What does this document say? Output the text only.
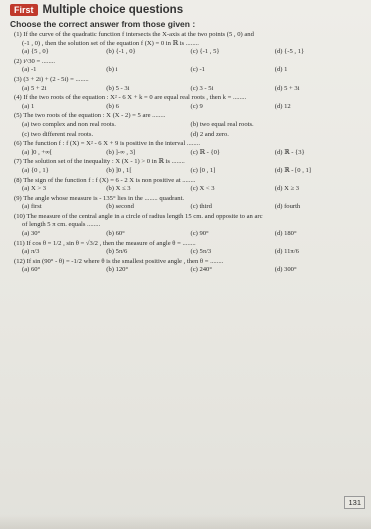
First Multiple choice questions
Choose the correct answer from those given :
(1) If the curve of the quadratic function f intersects the X-axis at the two points (5 , 0) and
(-1 , 0) , then the solution set of the equation f (X) = 0 in ℝ is ........
(a) {5 , 0}	(b) {-1 , 0}	(c) {-1 , 5}	(d) {-5 , 1}
(2) i^30 = ........
(a) -1	(b) i	(c) -1	(d) 1
(3) (3 + 2i) + (2 - 5i) = ........
(a) 5 + 2i	(b) 5 - 3i	(c) 3 - 5i	(d) 5 + 3i
(4) If the two roots of the equation : X² - 6 X + k = 0 are equal real roots , then k = ........
(a) 1	(b) 6	(c) 9	(d) 12
(5) The two roots of the equation : X (X - 2) = 5 are ........
(a) two complex and non real roots.	(b) two equal real roots.
(c) two different real roots.	(d) 2 and zero.
(6) The function f : f (X) = X² - 6 X + 9 is positive in the interval ........
(a) ]0 , +∞[	(b) ]-∞ , 3]	(c) ℝ - {0}	(d) ℝ - {3}
(7) The solution set of the inequality : X (X - 1) > 0 in ℝ is ........
(a) {0 , 1}	(b) ]0 , 1[	(c) [0 , 1]	(d) ℝ - [0 , 1]
(8) The sign of the function f : f (X) = 6 - 2 X is non positive at ........
(a) X > 3	(b) X ≤ 3	(c) X < 3	(d) X ≥ 3
(9) The angle whose measure is - 135° lies in the ........ quadrant.
(a) first	(b) second	(c) third	(d) fourth
(10) The measure of the central angle in a circle of radius length 15 cm. and opposite to an arc
of length 5 π cm. equals ........
(a) 30°	(b) 60°	(c) 90°	(d) 180°
(11) If cos θ = 1/2 , sin θ = √3/2 , then the measure of angle θ = ........
(a) π/3	(b) 5π/6	(c) 5π/3	(d) 11π/6
(12) If sin (90° - θ) = -1/2 where θ is the smallest positive angle , then θ = ........
(a) 60°	(b) 120°	(c) 240°	(d) 300°
131
